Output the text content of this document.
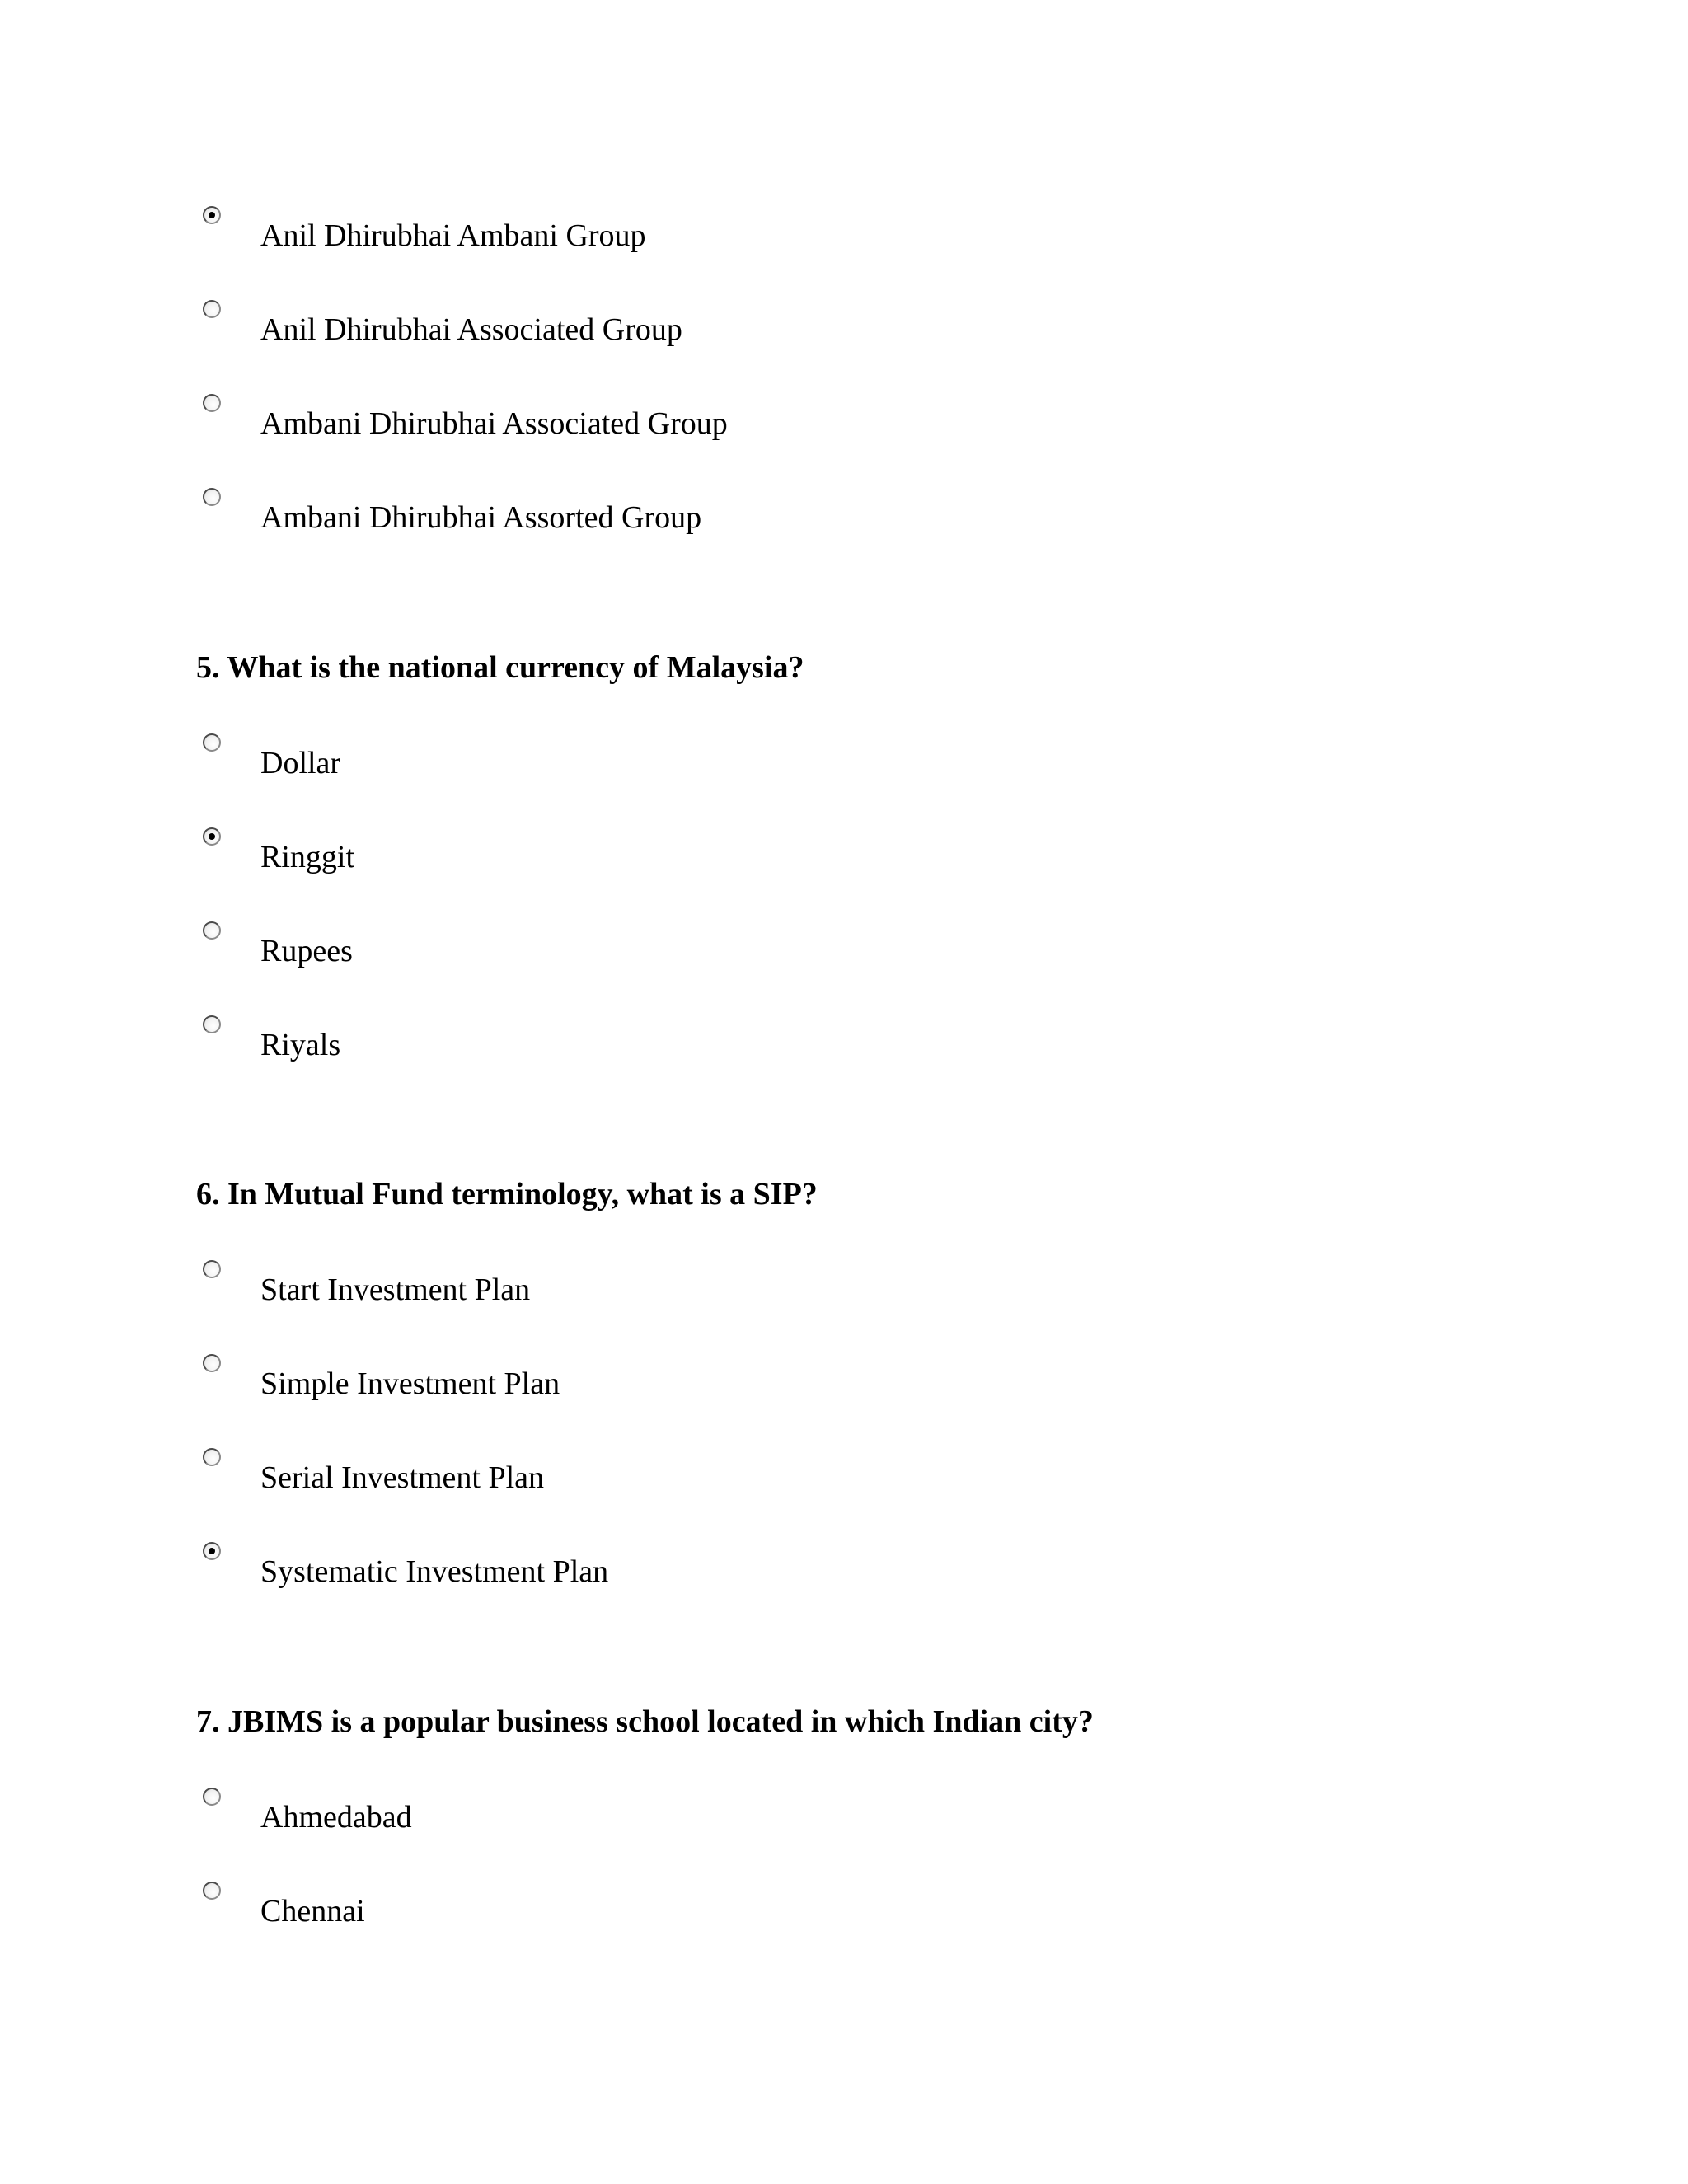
Anil Dhirubhai Ambani Group
Anil Dhirubhai Associated Group
Ambani Dhirubhai Associated Group
Ambani Dhirubhai Assorted Group
5. What is the national currency of Malaysia?
Dollar
Ringgit
Rupees
Riyals
6. In Mutual Fund terminology, what is a SIP?
Start Investment Plan
Simple Investment Plan
Serial Investment Plan
Systematic Investment Plan
7. JBIMS is a popular business school located in which Indian city?
Ahmedabad
Chennai
